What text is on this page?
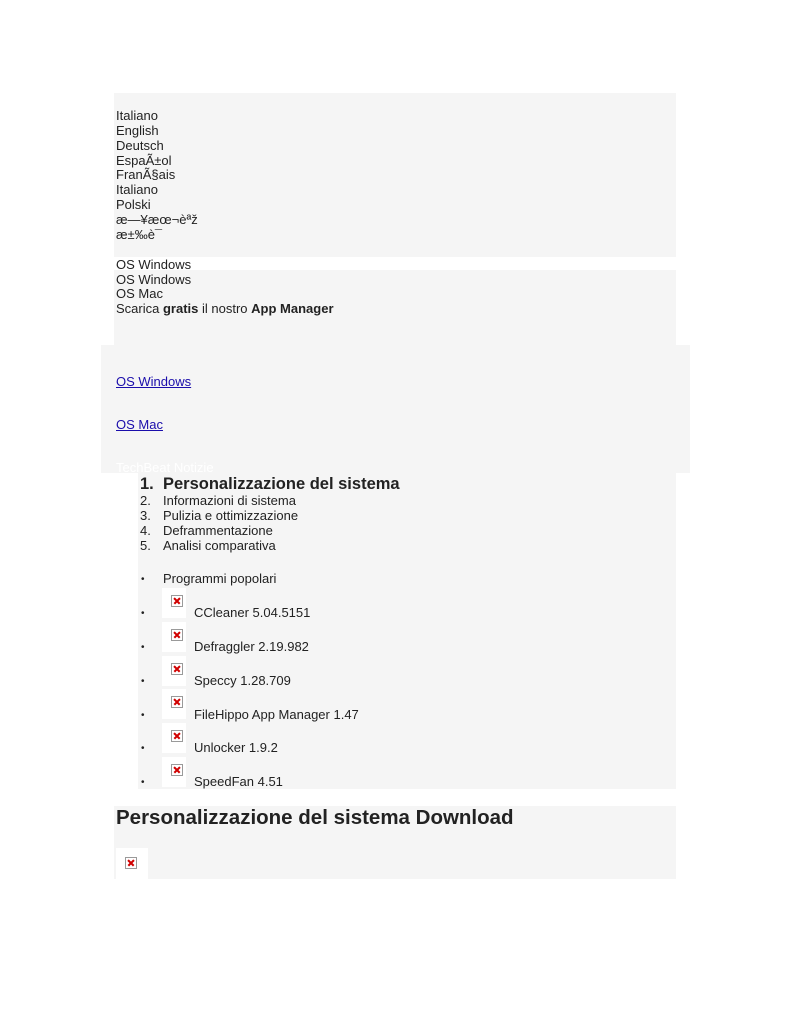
Italiano
English
Deutsch
EspaÃ±ol
FranÃ§ais
Italiano
Polski
æ—¥æœ¬èªž
æ±‰è¯
OS Windows
OS Windows
OS Mac
Scarica gratis il nostro App Manager
OS Windows
OS Mac
TechBeat Notizie
1. Personalizzazione del sistema
2. Informazioni di sistema
3. Pulizia e ottimizzazione
4. Deframmentazione
5. Analisi comparativa
• Programmi popolari
•	CCleaner 5.04.5151
•	Defraggler 2.19.982
•	Speccy 1.28.709
•	FileHippo App Manager 1.47
•	Unlocker 1.9.2
•	SpeedFan 4.51
Personalizzazione del sistema Download
